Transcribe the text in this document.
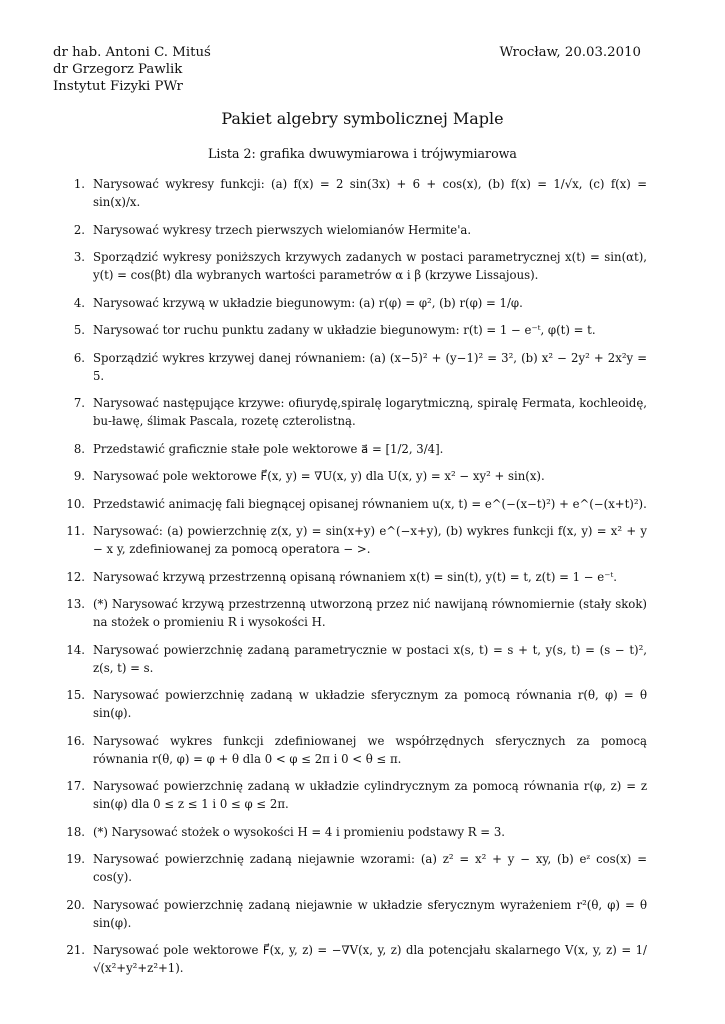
dr hab. Antoni C. Mituś
dr Grzegorz Pawlik
Instytut Fizyki PWr
Wrocław, 20.03.2010
Pakiet algebry symbolicznej Maple
Lista 2: grafika dwuwymiarowa i trójwymiarowa
1. Narysować wykresy funkcji: (a) f(x) = 2 sin(3x) + 6 + cos(x), (b) f(x) = 1/√x, (c) f(x) = sin(x)/x.
2. Narysować wykresy trzech pierwszych wielomianów Hermite'a.
3. Sporządzić wykresy poniższych krzywych zadanych w postaci parametrycznej x(t) = sin(αt), y(t) = cos(βt) dla wybranych wartości parametrów α i β (krzywe Lissajous).
4. Narysować krzywą w układzie biegunowym: (a) r(φ) = φ², (b) r(φ) = 1/φ.
5. Narysować tor ruchu punktu zadany w układzie biegunowym: r(t) = 1 − e⁻ᵗ, φ(t) = t.
6. Sporządzić wykres krzywej danej równaniem: (a) (x−5)² + (y−1)² = 3², (b) x² − 2y² + 2x²y = 5.
7. Narysować następujące krzywe: ofiurydę,spiralę logarytmiczną, spiralę Fermata, kochleoidę, bu-ławę, ślimak Pascala, rozetę czterolistną.
8. Przedstawić graficznie stałe pole wektorowe a⃗ = [1/2, 3/4].
9. Narysować pole wektorowe F⃗(x, y) = ∇U(x, y) dla U(x, y) = x² − xy² + sin(x).
10. Przedstawić animację fali biegnącej opisanej równaniem u(x, t) = e^(−(x−t)²) + e^(−(x+t)²).
11. Narysować: (a) powierzchnię z(x, y) = sin(x+y) e^(−x+y), (b) wykres funkcji f(x, y) = x² + y − x y, zdefiniowanej za pomocą operatora − >.
12. Narysować krzywą przestrzenną opisaną równaniem x(t) = sin(t), y(t) = t, z(t) = 1 − e⁻ᵗ.
13. (*) Narysować krzywą przestrzenną utworzoną przez nić nawijaną równomiernie (stały skok) na stożek o promieniu R i wysokości H.
14. Narysować powierzchnię zadaną parametrycznie w postaci x(s, t) = s + t, y(s, t) = (s − t)², z(s, t) = s.
15. Narysować powierzchnię zadaną w układzie sferycznym za pomocą równania r(θ, φ) = θ sin(φ).
16. Narysować wykres funkcji zdefiniowanej we współrzędnych sferycznych za pomocą równania r(θ, φ) = φ + θ dla 0 < φ ≤ 2π i 0 < θ ≤ π.
17. Narysować powierzchnię zadaną w układzie cylindrycznym za pomocą równania r(φ, z) = z sin(φ) dla 0 ≤ z ≤ 1 i 0 ≤ φ ≤ 2π.
18. (*) Narysować stożek o wysokości H = 4 i promieniu podstawy R = 3.
19. Narysować powierzchnię zadaną niejawnie wzorami: (a) z² = x² + y − xy, (b) eᶻ cos(x) = cos(y).
20. Narysować powierzchnię zadaną niejawnie w układzie sferycznym wyrażeniem r²(θ, φ) = θ sin(φ).
21. Narysować pole wektorowe F⃗(x, y, z) = −∇V(x, y, z) dla potencjału skalarnego V(x, y, z) = 1/√(x²+y²+z²+1).
